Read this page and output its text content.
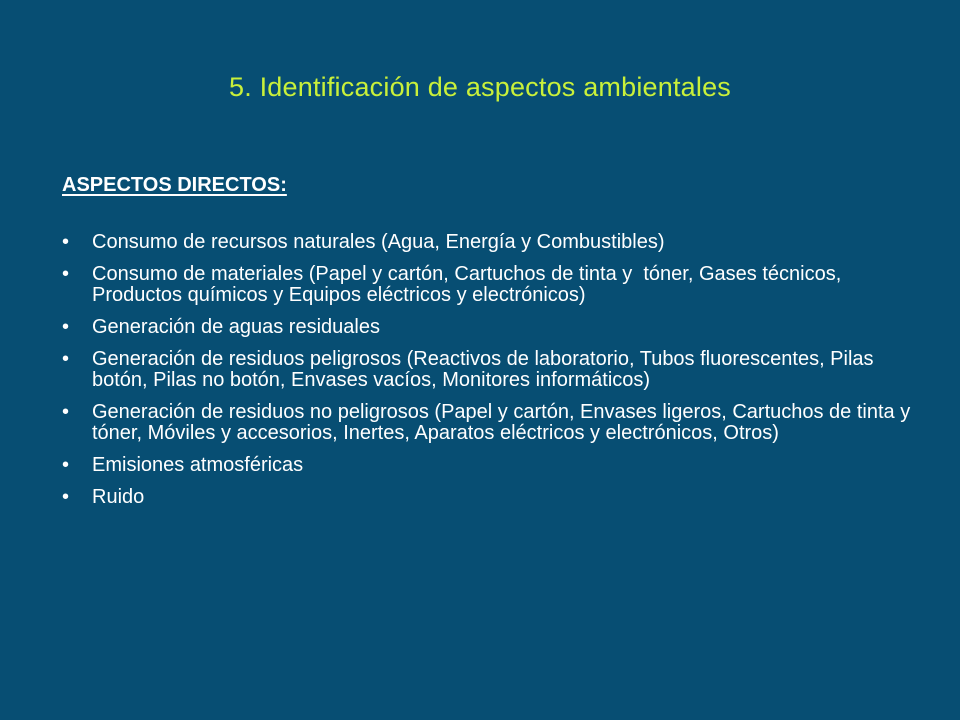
5. Identificación de aspectos ambientales
ASPECTOS DIRECTOS:
• Consumo de recursos naturales (Agua, Energía y Combustibles)
• Consumo de materiales (Papel y cartón, Cartuchos de tinta y  tóner, Gases técnicos, Productos químicos y Equipos eléctricos y electrónicos)
• Generación de aguas residuales
• Generación de residuos peligrosos (Reactivos de laboratorio, Tubos fluorescentes, Pilas botón, Pilas no botón, Envases vacíos, Monitores informáticos)
• Generación de residuos no peligrosos (Papel y cartón, Envases ligeros, Cartuchos de tinta y tóner, Móviles y accesorios, Inertes, Aparatos eléctricos y electrónicos, Otros)
• Emisiones atmosféricas
• Ruido
